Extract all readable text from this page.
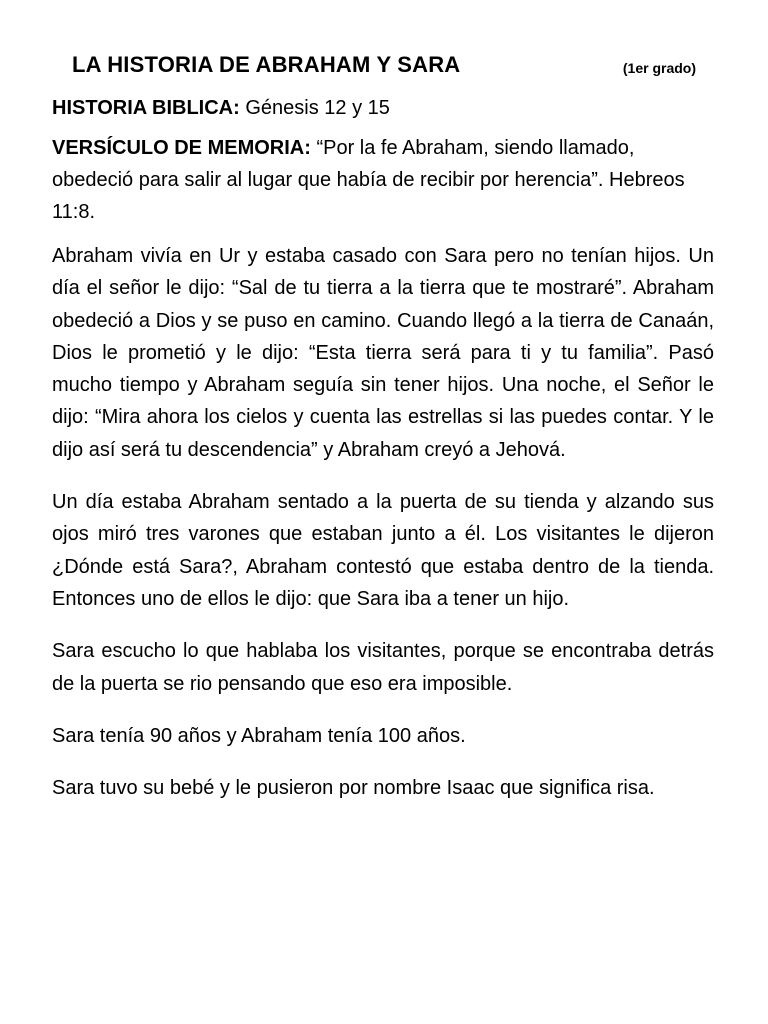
LA HISTORIA DE ABRAHAM Y SARA	(1er grado)

HISTORIA BIBLICA: Génesis 12 y 15

VERSÍCULO DE MEMORIA: “Por la fe Abraham, siendo llamado, obedeció para salir al lugar que había de recibir por herencia”. Hebreos 11:8.

Abraham vivía en Ur y estaba casado con Sara pero no tenían hijos. Un día el señor le dijo: “Sal de tu tierra a la tierra que te mostraré”. Abraham obedeció a Dios y se puso en camino. Cuando llegó a la tierra de Canaán, Dios le prometió y le dijo: “Esta tierra será para ti y tu familia”. Pasó mucho tiempo y Abraham seguía sin tener hijos. Una noche, el Señor le dijo: “Mira ahora los cielos y cuenta las estrellas si las puedes contar. Y le dijo así será tu descendencia” y Abraham creyó a Jehová.

Un día estaba Abraham sentado a la puerta de su tienda y alzando sus ojos miró tres varones que estaban junto a él. Los visitantes le dijeron ¿Dónde está Sara?, Abraham contestó que estaba dentro de la tienda. Entonces uno de ellos le dijo: que Sara iba a tener un hijo.

Sara escucho lo que hablaba los visitantes, porque se encontraba detrás de la puerta se rio pensando que eso era imposible.

Sara tenía 90 años y Abraham tenía 100 años.

Sara tuvo su bebé y le pusieron por nombre Isaac que significa risa.
